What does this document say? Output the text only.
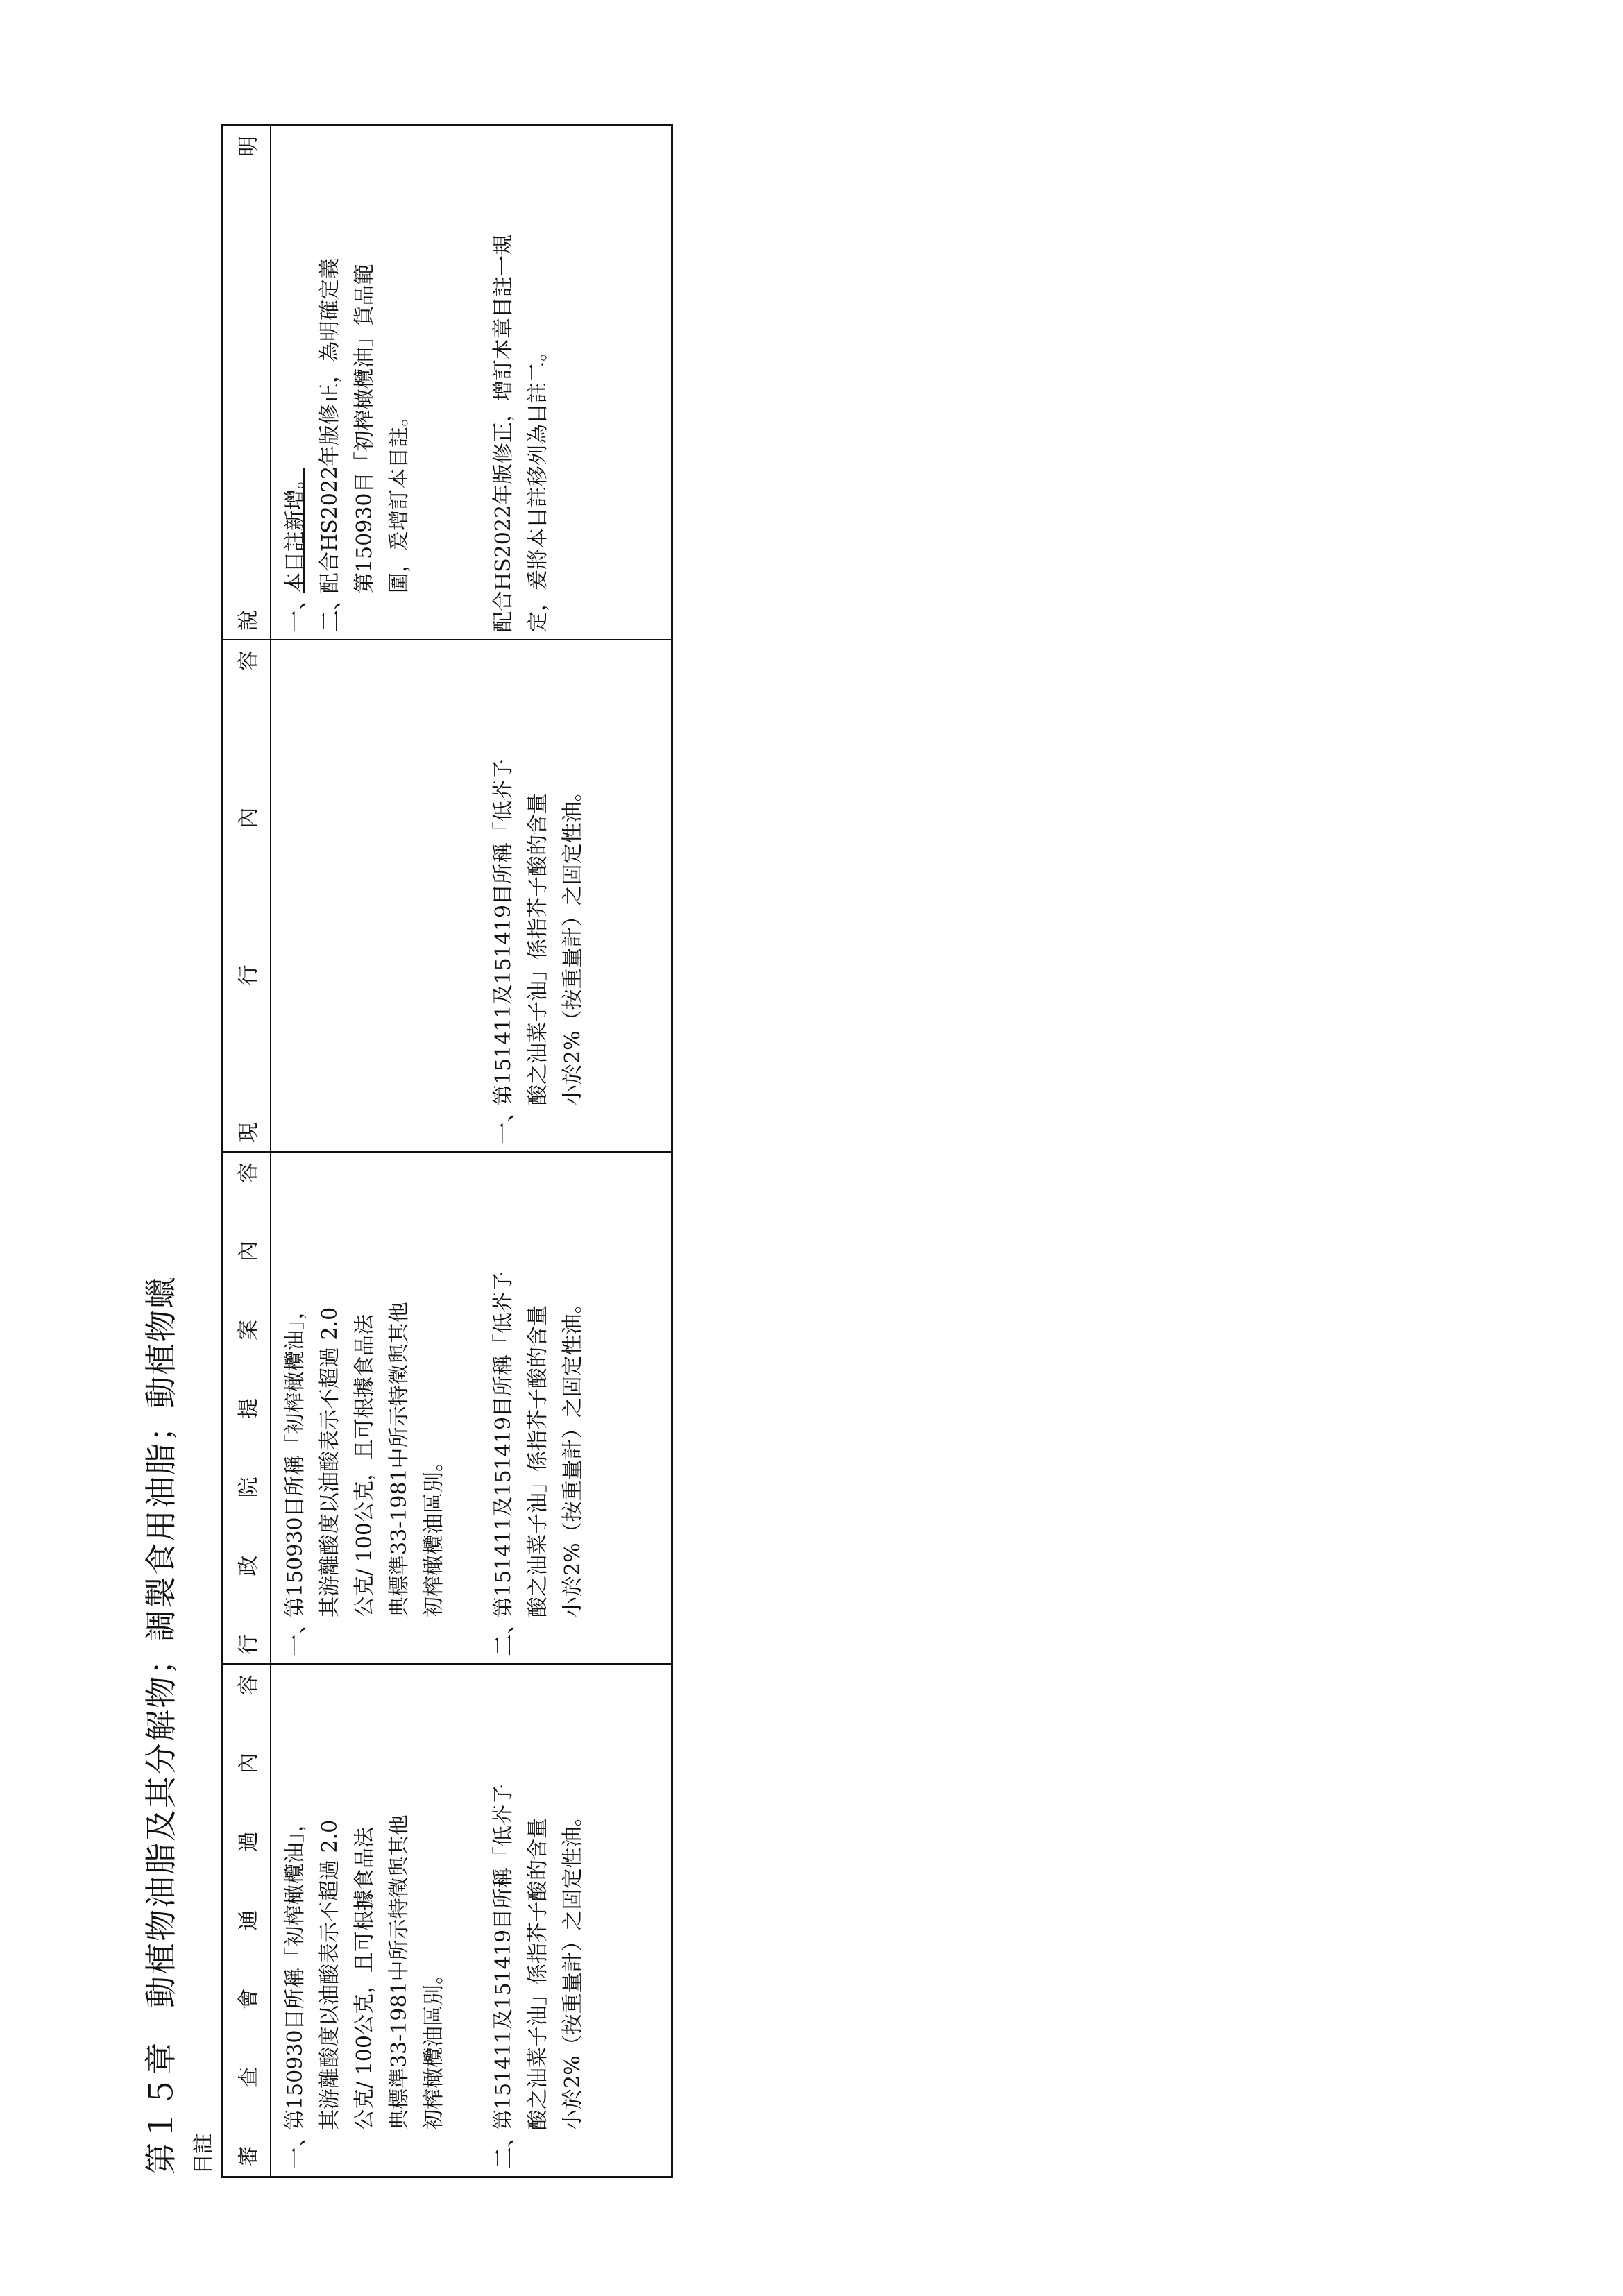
第１５章　動植物油脂及其分解物；調製食用油脂；動植物蠟 目註 審
查
會
通
過
內
容
行
政
院
提
案
內
容
現
行
內
容
說
明
一、
第150930目所稱「初榨橄欖油」， 其游離酸度以油酸表示不超過 2.0 公克/ 100公克，且可根據食品法 典標準33-1981中所示特徵與其他 初榨橄欖油區別。
一、
第150930目所稱「初榨橄欖油」， 其游離酸度以油酸表示不超過 2.0 公克/ 100公克，且可根據食品法 典標準33-1981中所示特徵與其他 初榨橄欖油區別。
一、
本目註新增。
二、
配合HS2022年版修正，為明確定義 第150930目「初榨橄欖油」貨品範 圍，爰增訂本目註。
二、
第151411及151419目所稱「低芥子 酸之油菜子油」係指芥子酸的含量 小於2%（按重量計）之固定性油。
二、
第151411及151419目所稱「低芥子 酸之油菜子油」係指芥子酸的含量 小於2%（按重量計）之固定性油。
一、
第151411及151419目所稱「低芥子 酸之油菜子油」係指芥子酸的含量 小於2%（按重量計）之固定性油。
配合HS2022年版修正，增訂本章目註一規 定，爰將本目註移列為目註二。
